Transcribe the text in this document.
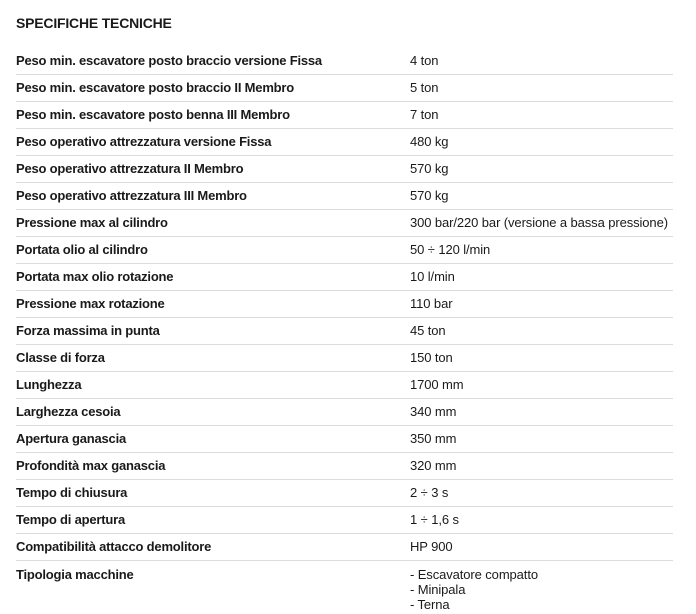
SPECIFICHE TECNICHE
Peso min. escavatore posto braccio versione Fissa	4 ton
Peso min. escavatore posto braccio II Membro	5 ton
Peso min. escavatore posto benna III Membro	7 ton
Peso operativo attrezzatura versione Fissa	480 kg
Peso operativo attrezzatura II Membro	570 kg
Peso operativo attrezzatura III Membro	570 kg
Pressione max al cilindro	300 bar/220 bar (versione a bassa pressione)
Portata olio al cilindro	50 ÷ 120 l/min
Portata max olio rotazione	10 l/min
Pressione max rotazione	110 bar
Forza massima in punta	45 ton
Classe di forza	150 ton
Lunghezza	1700 mm
Larghezza cesoia	340 mm
Apertura ganascia	350 mm
Profondità max ganascia	320 mm
Tempo di chiusura	2 ÷ 3 s
Tempo di apertura	1 ÷ 1,6 s
Compatibilità attacco demolitore	HP 900
Tipologia macchine	- Escavatore compatto
- Minipala
- Terna
